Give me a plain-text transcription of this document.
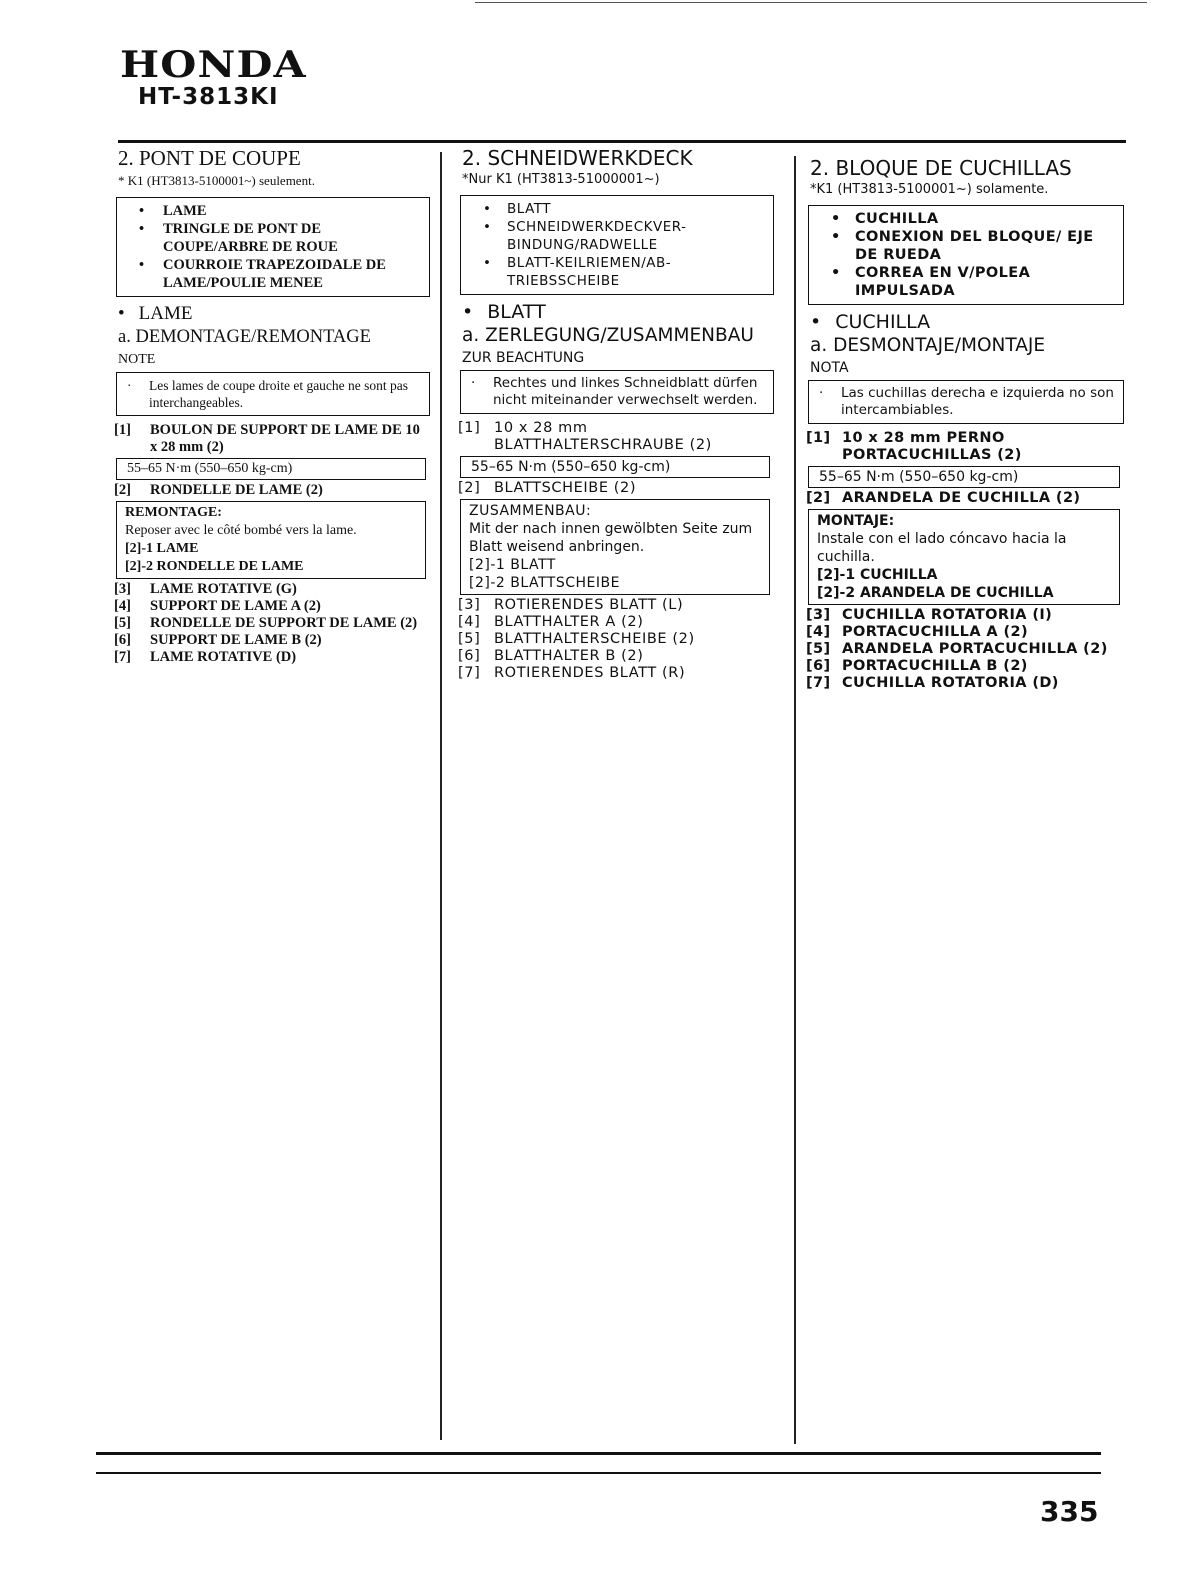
HONDA
HT-3813KI
2. PONT DE COUPE
* K1 (HT3813-5100001~) seulement.
•	LAME
•	TRINGLE DE PONT DE COUPE/ARBRE DE ROUE
•	COURROIE TRAPEZOIDALE DE LAME/POULIE MENEE
• LAME
a. DEMONTAGE/REMONTAGE
NOTE
·	Les lames de coupe droite et gauche ne sont pas interchangeables.
[1]	BOULON DE SUPPORT DE LAME DE 10 x 28 mm (2)
55–65 N·m (550–650 kg-cm)
[2]	RONDELLE DE LAME (2)
REMONTAGE:
Reposer avec le côté bombé vers la lame.
[2]-1 LAME
[2]-2 RONDELLE DE LAME
[3]	LAME ROTATIVE (G)
[4]	SUPPORT DE LAME A (2)
[5]	RONDELLE DE SUPPORT DE LAME (2)
[6]	SUPPORT DE LAME B (2)
[7]	LAME ROTATIVE (D)
2. SCHNEIDWERKDECK
*Nur K1 (HT3813-51000001~)
•	BLATT
•	SCHNEIDWERKDECKVER-BINDUNG/RADWELLE
•	BLATT-KEILRIEMEN/AB-TRIEBSSCHEIBE
• BLATT
a. ZERLEGUNG/ZUSAMMENBAU
ZUR BEACHTUNG
·	Rechtes und linkes Schneidblatt dürfen nicht miteinander verwechselt werden.
[1] 10 x 28 mm BLATTHALTERSCHRAUBE (2)
55–65 N·m (550–650 kg-cm)
[2] BLATTSCHEIBE (2)
ZUSAMMENBAU:
Mit der nach innen gewölbten Seite zum Blatt weisend anbringen.
[2]-1 BLATT
[2]-2 BLATTSCHEIBE
[3] ROTIERENDES BLATT (L)
[4] BLATTHALTER A (2)
[5] BLATTHALTERSCHEIBE (2)
[6] BLATTHALTER B (2)
[7] ROTIERENDES BLATT (R)
2. BLOQUE DE CUCHILLAS
*K1 (HT3813-5100001~) solamente.
• CUCHILLA
• CONEXION DEL BLOQUE/ EJE DE RUEDA
• CORREA EN V/POLEA IMPULSADA
• CUCHILLA
a. DESMONTAJE/MONTAJE
NOTA
·	Las cuchillas derecha e izquierda no son intercambiables.
[1] 10 x 28 mm PERNO PORTACUCHILLAS (2)
55–65 N·m (550–650 kg-cm)
[2] ARANDELA DE CUCHILLA (2)
MONTAJE:
Instale con el lado cóncavo hacia la cuchilla.
[2]-1 CUCHILLA
[2]-2 ARANDELA DE CUCHILLA
[3] CUCHILLA ROTATORIA (I)
[4] PORTACUCHILLA A (2)
[5] ARANDELA PORTACUCHILLA (2)
[6] PORTACUCHILLA B (2)
[7] CUCHILLA ROTATORIA (D)
335
